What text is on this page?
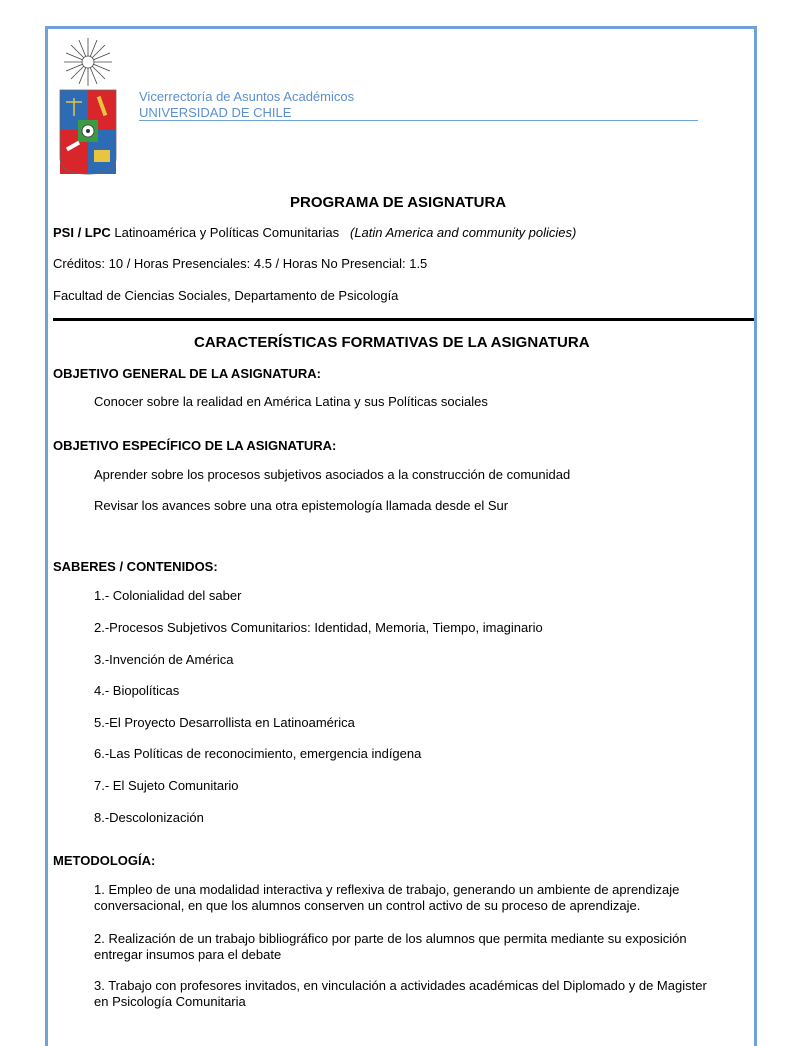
Vicerrectoría de Asuntos Académicos
UNIVERSIDAD DE CHILE
PROGRAMA DE ASIGNATURA
PSI / LPC Latinoamérica y Políticas Comunitarias (Latin America and community policies)
Créditos: 10 / Horas Presenciales: 4.5 / Horas No Presencial: 1.5
Facultad de Ciencias Sociales, Departamento de Psicología
CARACTERÍSTICAS FORMATIVAS DE LA ASIGNATURA
OBJETIVO GENERAL DE LA ASIGNATURA:
Conocer sobre la realidad en América Latina y sus Políticas sociales
OBJETIVO ESPECÍFICO DE LA ASIGNATURA:
Aprender sobre los procesos subjetivos asociados a la construcción de comunidad
Revisar los avances sobre una otra epistemología llamada desde el Sur
SABERES / CONTENIDOS:
1.- Colonialidad del saber
2.-Procesos Subjetivos Comunitarios: Identidad, Memoria, Tiempo, imaginario
3.-Invención de América
4.- Biopolíticas
5.-El Proyecto Desarrollista en Latinoamérica
6.-Las Políticas de reconocimiento, emergencia indígena
7.- El Sujeto Comunitario
8.-Descolonización
METODOLOGÍA:
1. Empleo de una modalidad interactiva y reflexiva de trabajo, generando un ambiente de aprendizaje conversacional, en que los alumnos conserven un control activo de su proceso de aprendizaje.
2. Realización de un trabajo bibliográfico por parte de los alumnos que permita mediante su exposición entregar insumos para el debate
3. Trabajo con profesores invitados, en vinculación a actividades académicas del Diplomado y de Magister en Psicología Comunitaria
